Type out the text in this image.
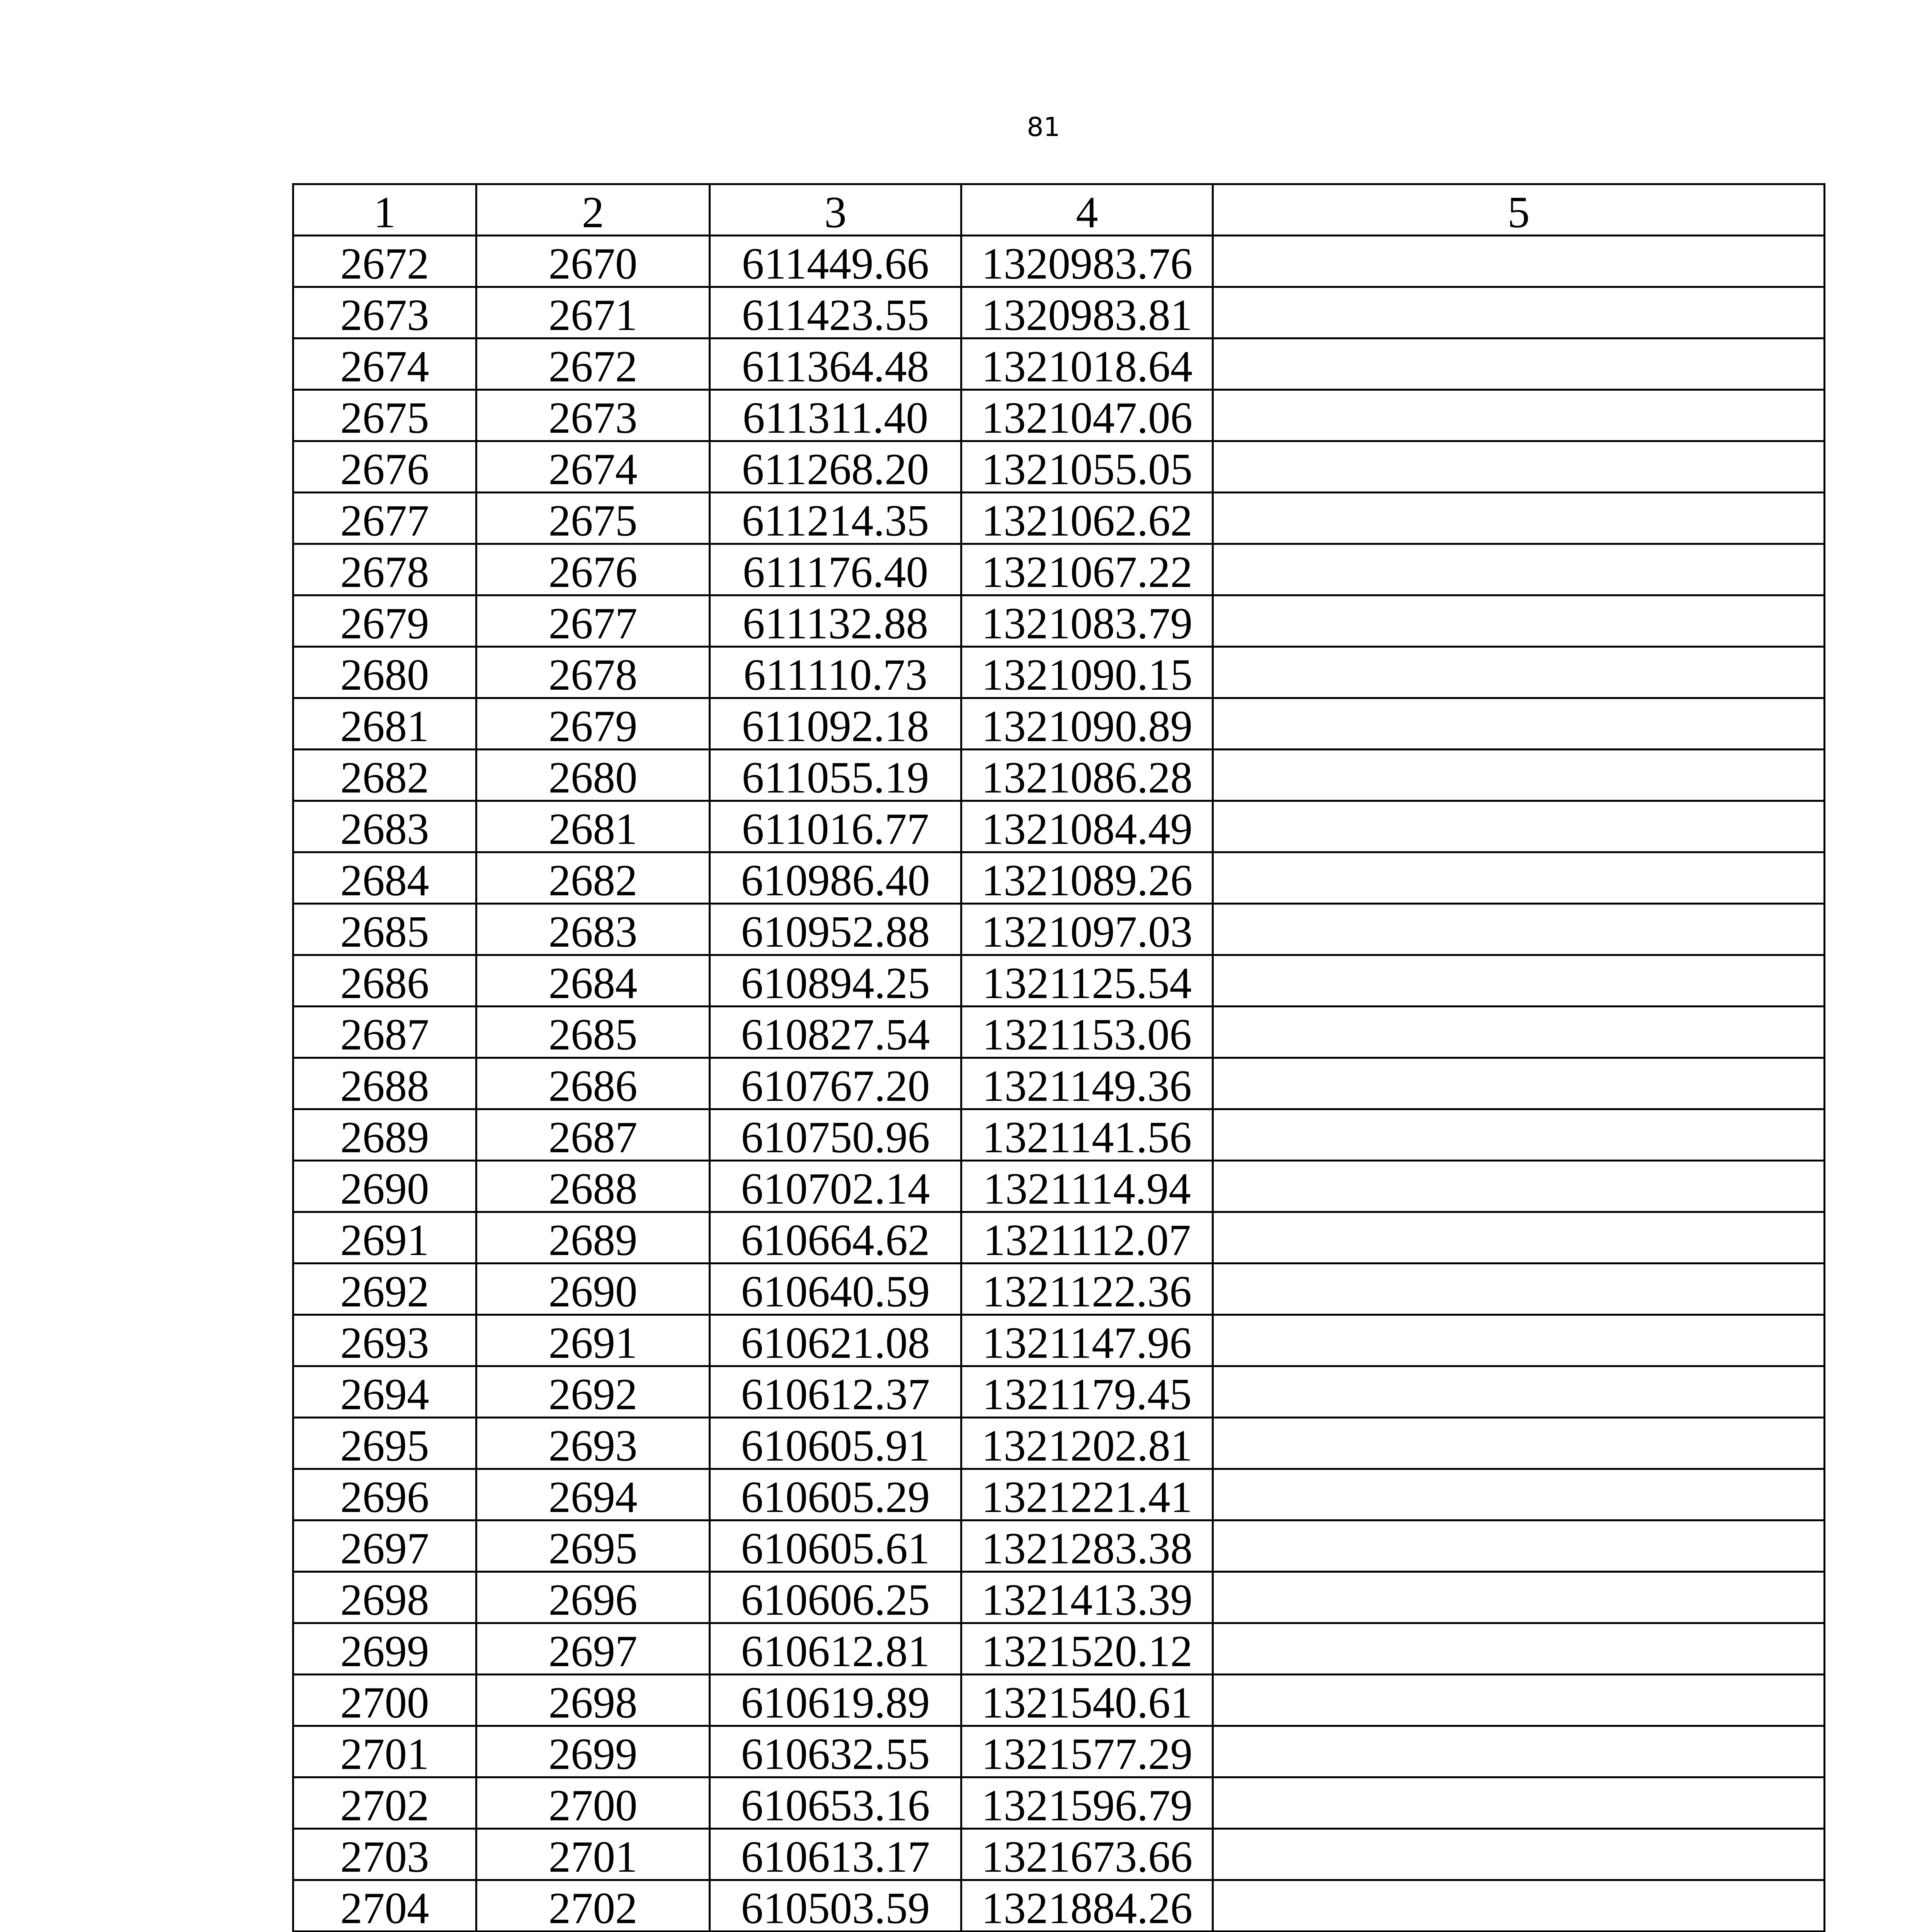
81
1	2	3	4	5
2672	2670	611449.66	1320983.76	
2673	2671	611423.55	1320983.81	
2674	2672	611364.48	1321018.64	
2675	2673	611311.40	1321047.06	
2676	2674	611268.20	1321055.05	
2677	2675	611214.35	1321062.62	
2678	2676	611176.40	1321067.22	
2679	2677	611132.88	1321083.79	
2680	2678	611110.73	1321090.15	
2681	2679	611092.18	1321090.89	
2682	2680	611055.19	1321086.28	
2683	2681	611016.77	1321084.49	
2684	2682	610986.40	1321089.26	
2685	2683	610952.88	1321097.03	
2686	2684	610894.25	1321125.54	
2687	2685	610827.54	1321153.06	
2688	2686	610767.20	1321149.36	
2689	2687	610750.96	1321141.56	
2690	2688	610702.14	1321114.94	
2691	2689	610664.62	1321112.07	
2692	2690	610640.59	1321122.36	
2693	2691	610621.08	1321147.96	
2694	2692	610612.37	1321179.45	
2695	2693	610605.91	1321202.81	
2696	2694	610605.29	1321221.41	
2697	2695	610605.61	1321283.38	
2698	2696	610606.25	1321413.39	
2699	2697	610612.81	1321520.12	
2700	2698	610619.89	1321540.61	
2701	2699	610632.55	1321577.29	
2702	2700	610653.16	1321596.79	
2703	2701	610613.17	1321673.66	
2704	2702	610503.59	1321884.26	
